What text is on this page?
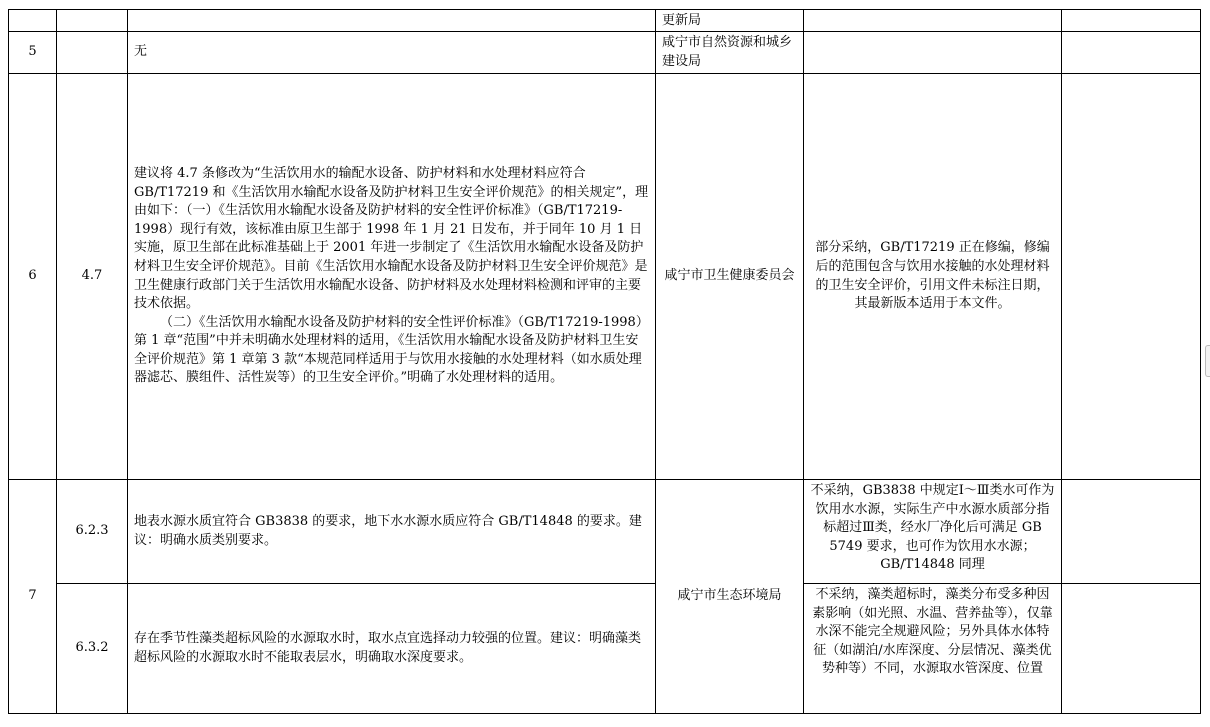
			更新局		
5		无	咸宁市自然资源和城乡建设局		
6	4.7	建议将 4.7 条修改为“生活饮用水的输配水设备、防护材料和水处理材料应符合 GB/T17219 和《生活饮用水输配水设备及防护材料卫生安全评价规范》的相关规定”，理由如下：（一）《生活饮用水输配水设备及防护材料的安全性评价标准》（GB/T17219-1998）现行有效，该标准由原卫生部于 1998 年 1 月 21 日发布，并于同年 10 月 1 日实施，原卫生部在此标准基础上于 2001 年进一步制定了《生活饮用水输配水设备及防护材料卫生安全评价规范》。目前《生活饮用水输配水设备及防护材料卫生安全评价规范》是卫生健康行政部门关于生活饮用水输配水设备、防护材料及水处理材料检测和评审的主要技术依据。
（二）《生活饮用水输配水设备及防护材料的安全性评价标准》（GB/T17219-1998）第 1 章“范围”中并未明确水处理材料的适用，《生活饮用水输配水设备及防护材料卫生安全评价规范》第 1 章第 3 款“本规范同样适用于与饮用水接触的水处理材料（如水质处理器滤芯、膜组件、活性炭等）的卫生安全评价。”明确了水处理材料的适用。	咸宁市卫生健康委员会	部分采纳，GB/T17219 正在修编，修编后的范围包含与饮用水接触的水处理材料的卫生安全评价，引用文件未标注日期，其最新版本适用于本文件。	
7	6.2.3	地表水源水质宜符合 GB3838 的要求，地下水水源水质应符合 GB/T14848 的要求。建议：明确水质类别要求。	咸宁市生态环境局	不采纳，GB3838 中规定Ⅰ～Ⅲ类水可作为饮用水水源，实际生产中水源水质部分指标超过Ⅲ类，经水厂净化后可满足 GB 5749 要求，也可作为饮用水水源；GB/T14848 同理	

	6.3.2	存在季节性藻类超标风险的水源取水时，取水点宜选择动力较强的位置。建议：明确藻类超标风险的水源取水时不能取表层水，明确取水深度要求。		不采纳，藻类超标时，藻类分布受多种因素影响（如光照、水温、营养盐等），仅靠水深不能完全规避风险；另外具体水体特征（如湖泊/水库深度、分层情况、藻类优势种等）不同，水源取水管深度、位置	
